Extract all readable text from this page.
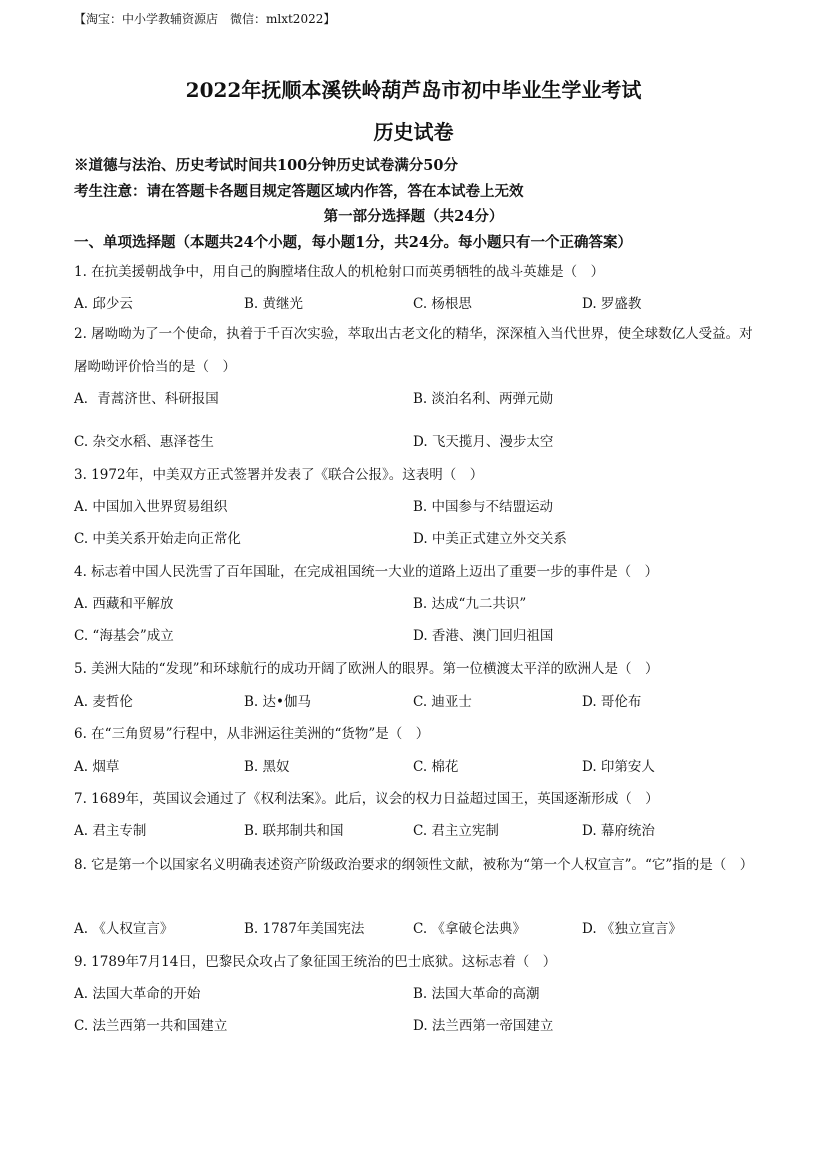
【淘宝：中小学教辅资源店　微信：mlxt2022】
2022年抚顺本溪铁岭葫芦岛市初中毕业生学业考试
历史试卷
※道德与法治、历史考试时间共100分钟历史试卷满分50分
考生注意：请在答题卡各题目规定答题区域内作答，答在本试卷上无效
第一部分选择题（共24分）
一、单项选择题（本题共24个小题，每小题1分，共24分。每小题只有一个正确答案）
1. 在抗美援朝战争中，用自己的胸膛堵住敌人的机枪射口而英勇牺牲的战斗英雄是（　）
A. 邱少云	B. 黄继光	C. 杨根思	D. 罗盛教
2. 屠呦呦为了一个使命，执着于千百次实验，萃取出古老文化的精华，深深植入当代世界，使全球数亿人受益。对屠呦呦评价恰当的是（　）
A．青蒿济世、科研报国	B. 淡泊名利、两弹元勋
C. 杂交水稻、惠泽苍生	D. 飞天揽月、漫步太空
3. 1972年，中美双方正式签署并发表了《联合公报》。这表明（　）
A. 中国加入世界贸易组织	B. 中国参与不结盟运动
C. 中美关系开始走向正常化	D. 中美正式建立外交关系
4. 标志着中国人民洗雪了百年国耻，在完成祖国统一大业的道路上迈出了重要一步的事件是（　）
A. 西藏和平解放	B. 达成“九二共识”
C. “海基会”成立	D. 香港、澳门回归祖国
5. 美洲大陆的“发现”和环球航行的成功开阔了欧洲人的眼界。第一位横渡太平洋的欧洲人是（　）
A. 麦哲伦	B. 达•伽马	C. 迪亚士	D. 哥伦布
6. 在“三角贸易”行程中，从非洲运往美洲的“货物”是（　）
A. 烟草	B. 黑奴	C. 棉花	D. 印第安人
7. 1689年，英国议会通过了《权利法案》。此后，议会的权力日益超过国王，英国逐渐形成（　）
A. 君主专制	B. 联邦制共和国	C. 君主立宪制	D. 幕府统治
8. 它是第一个以国家名义明确表述资产阶级政治要求的纲领性文献，被称为“第一个人权宣言”。“它”指的是（　）
A. 《人权宣言》	B. 1787年美国宪法	C. 《拿破仑法典》	D. 《独立宣言》
9. 1789年7月14日，巴黎民众攻占了象征国王统治的巴士底狱。这标志着（　）
A. 法国大革命的开始	B. 法国大革命的高潮
C. 法兰西第一共和国建立	D. 法兰西第一帝国建立
